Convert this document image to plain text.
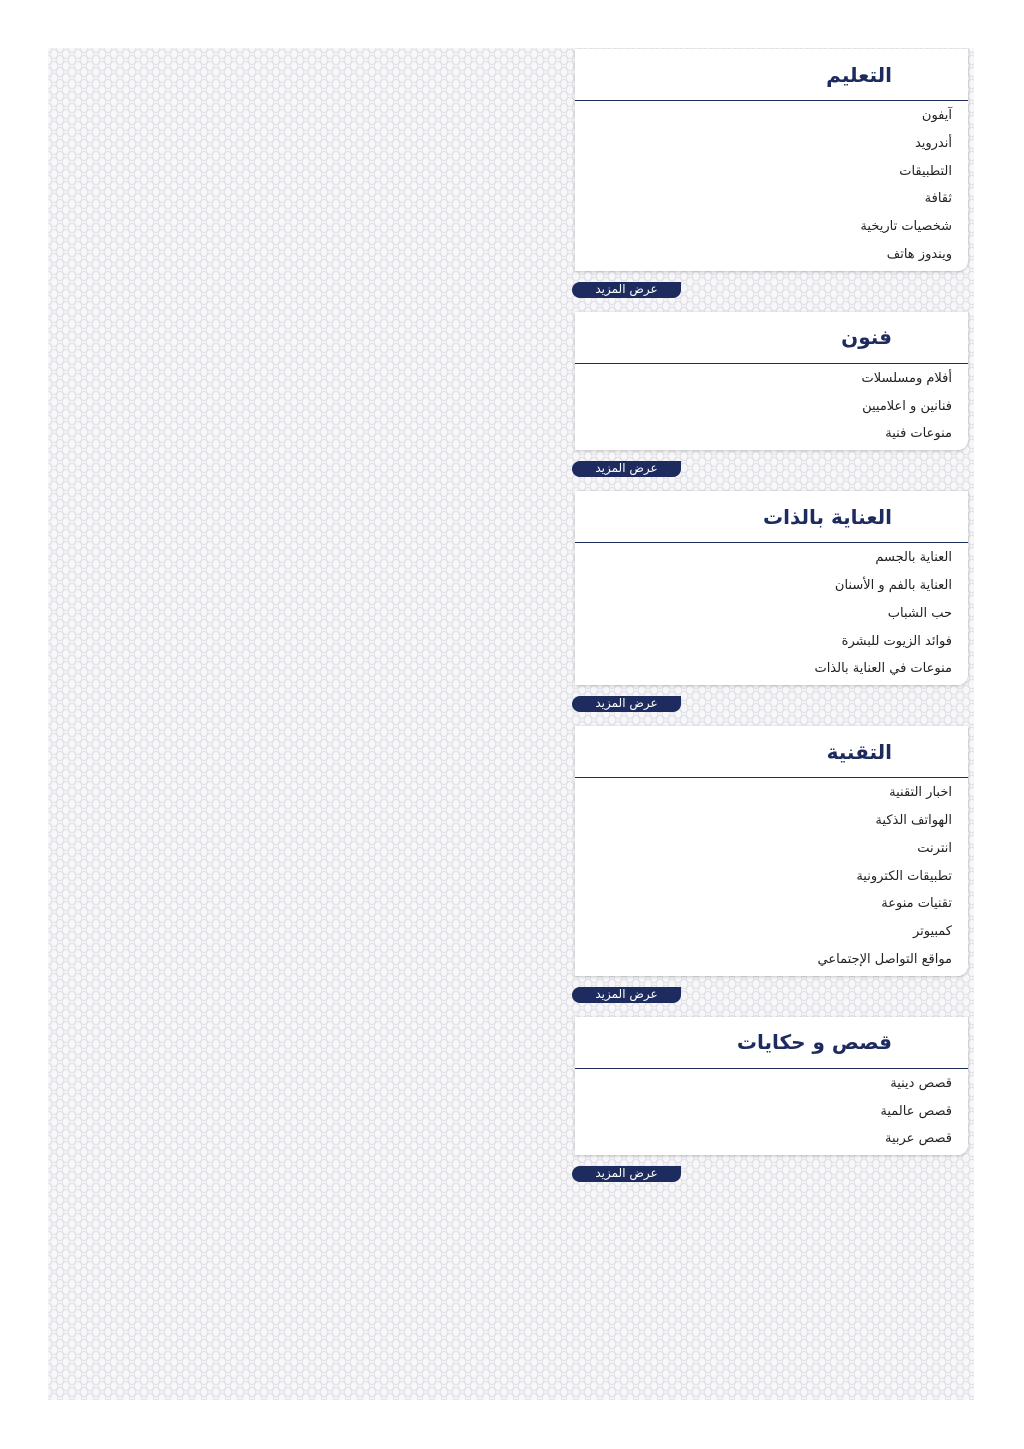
التعليم
آيفون
أندرويد
التطبيقات
ثقافة
شخصيات تاريخية
ويندوز هاتف
عرض المزيد
فنون
أفلام ومسلسلات
فنانين و اعلاميين
منوعات فنية
عرض المزيد
العناية بالذات
العناية بالجسم
العناية بالفم و الأسنان
حب الشباب
فوائد الزيوت للبشرة
منوعات في العناية بالذات
عرض المزيد
التقنية
اخبار التقنية
الهواتف الذكية
انترنت
تطبيقات الكترونية
تقنيات منوعة
كمبيوتر
مواقع التواصل الإجتماعي
عرض المزيد
قصص و حكايات
قصص دينية
قصص عالمية
قصص عربية
عرض المزيد
